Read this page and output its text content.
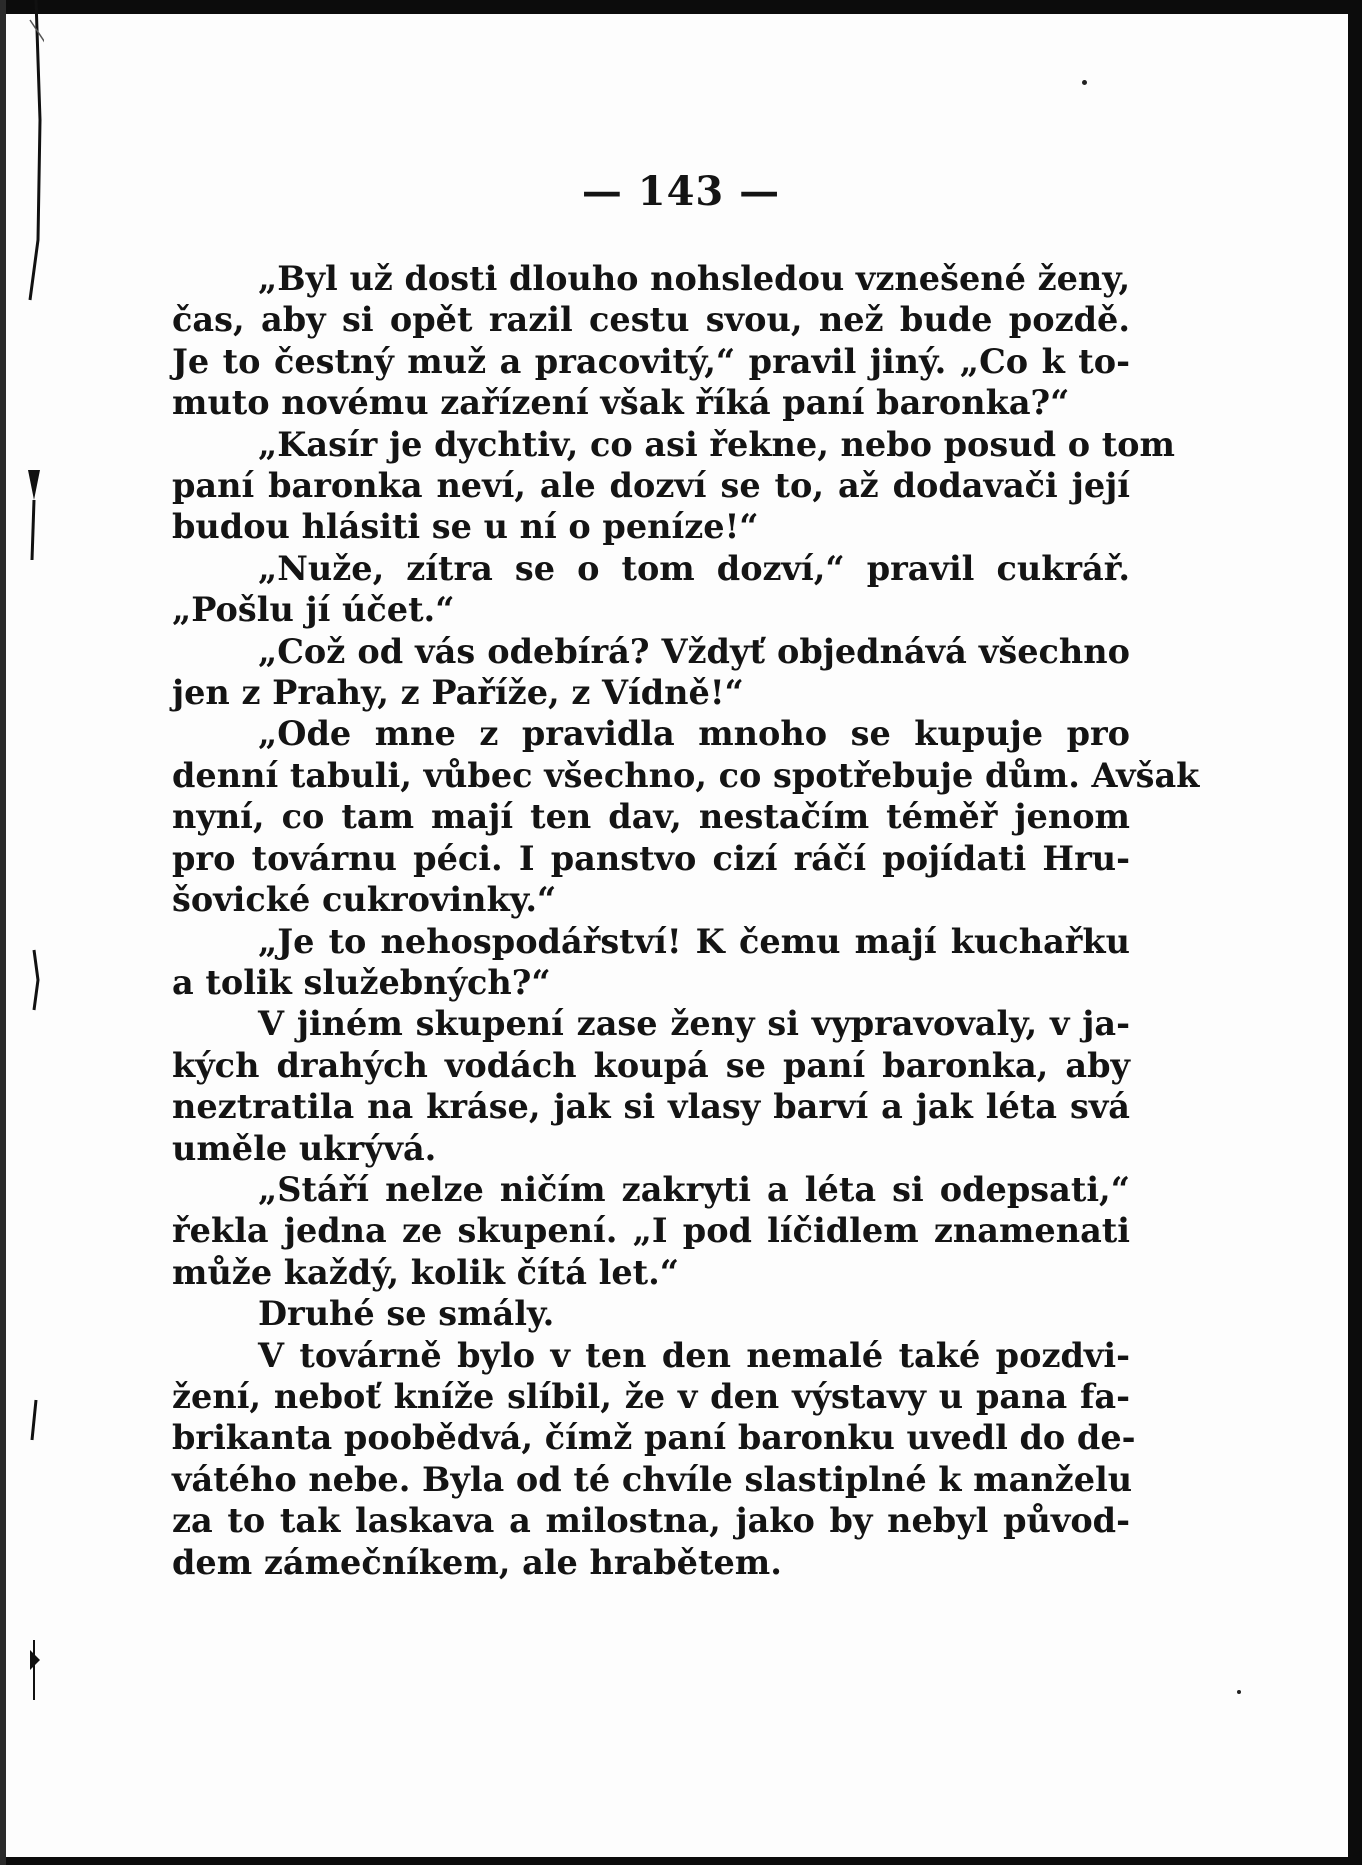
— 143 —

„Byl už dosti dlouho nohsledou vznešené ženy,
čas, aby si opět razil cestu svou, než bude pozdě.
Je to čestný muž a pracovitý,“ pravil jiný. „Co k to-
muto novému zařízení však říká paní baronka?“

„Kasír je dychtiv, co asi řekne, nebo posud o tom
paní baronka neví, ale dozví se to, až dodavači její
budou hlásiti se u ní o peníze!“

„Nuže, zítra se o tom dozví,“ pravil cukrář.
„Pošlu jí účet.“

„Což od vás odebírá? Vždyť objednává všechno
jen z Prahy, z Paříže, z Vídně!“

„Ode mne z pravidla mnoho se kupuje pro
denní tabuli, vůbec všechno, co spotřebuje dům. Avšak
nyní, co tam mají ten dav, nestačím téměř jenom
pro továrnu péci. I panstvo cizí ráčí pojídati Hru-
šovické cukrovinky.“

„Je to nehospodářství! K čemu mají kuchařku
a tolik služebných?“

V jiném skupení zase ženy si vypravovaly, v ja-
kých drahých vodách koupá se paní baronka, aby
neztratila na kráse, jak si vlasy barví a jak léta svá
uměle ukrývá.

„Stáří nelze ničím zakryti a léta si odepsati,“
řekla jedna ze skupení. „I pod líčidlem znamenati
může každý, kolik čítá let.“

Druhé se smály.

V továrně bylo v ten den nemalé také pozdvi-
žení, neboť kníže slíbil, že v den výstavy u pana fa-
brikanta poobědvá, čímž paní baronku uvedl do de-
vátého nebe. Byla od té chvíle slastiplné k manželu
za to tak laskava a milostna, jako by nebyl původ-
dem zámečníkem, ale hrabětem.
